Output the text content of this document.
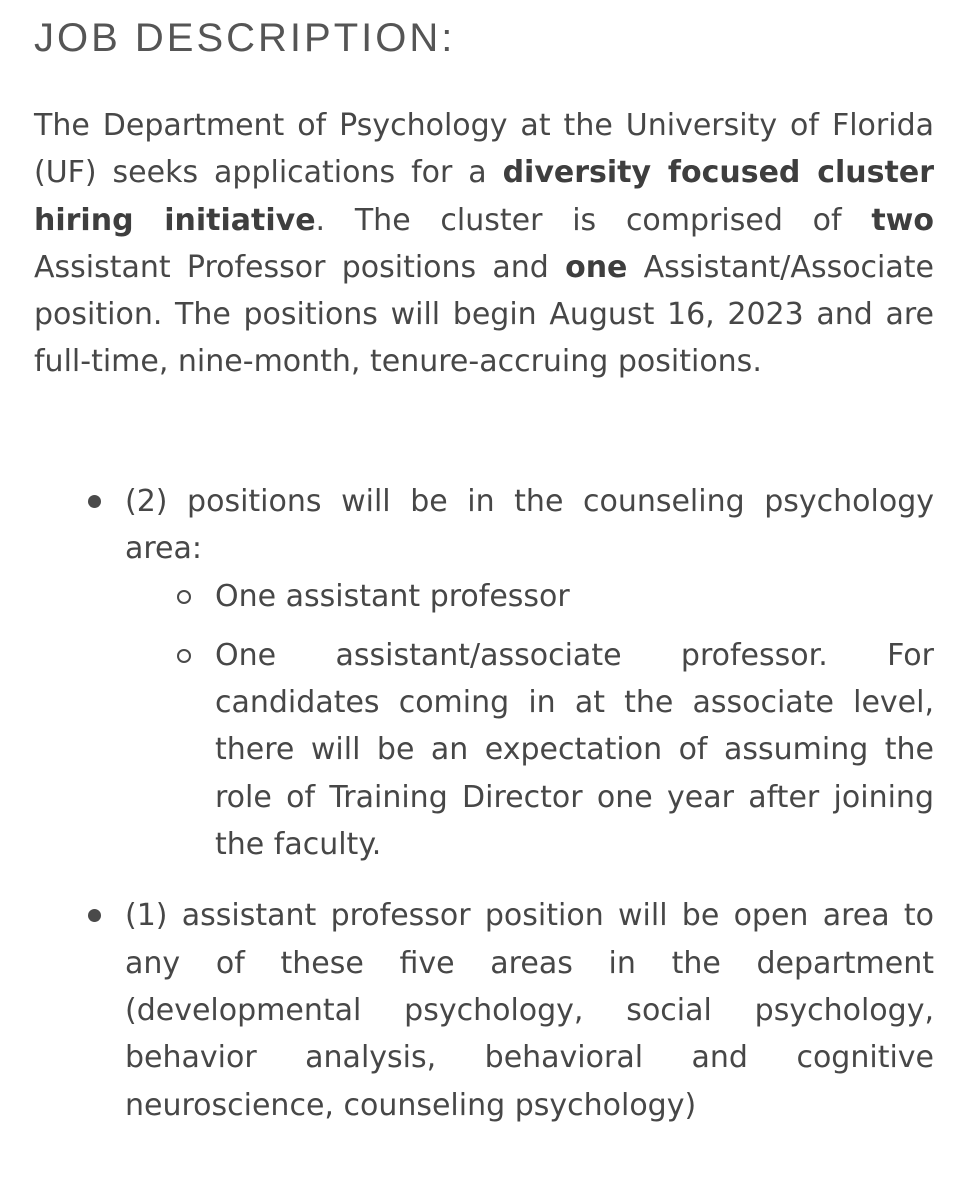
JOB DESCRIPTION:

The Department of Psychology at the University of Florida (UF) seeks applications for a diversity focused cluster hiring initiative. The cluster is comprised of two Assistant Professor positions and one Assistant/Associate position. The positions will begin August 16, 2023 and are full-time, nine-month, tenure-accruing positions.

(2) positions will be in the counseling psychology area:
One assistant professor
One assistant/associate professor. For candidates coming in at the associate level, there will be an expectation of assuming the role of Training Director one year after joining the faculty.
(1) assistant professor position will be open area to any of these five areas in the department (developmental psychology, social psychology, behavior analysis, behavioral and cognitive neuroscience, counseling psychology)
